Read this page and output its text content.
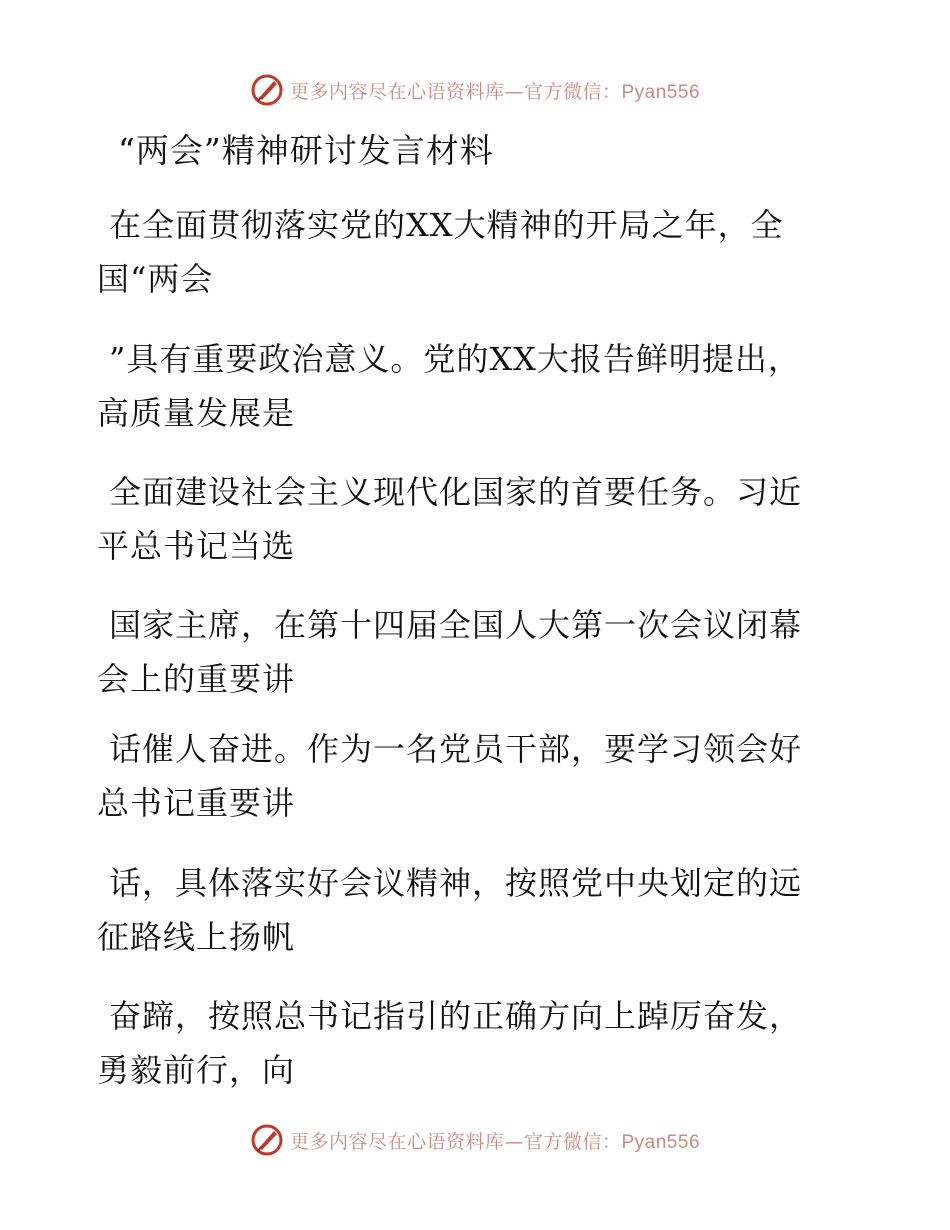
更多内容尽在心语资料库—官方微信：Pyan556
“两会”精神研讨发言材料

在全面贯彻落实党的XX大精神的开局之年，全
国“两会

”具有重要政治意义。党的XX大报告鲜明提出，
高质量发展是

全面建设社会主义现代化国家的首要任务。习近
平总书记当选

国家主席，在第十四届全国人大第一次会议闭幕
会上的重要讲

话催人奋进。作为一名党员干部，要学习领会好
总书记重要讲

话，具体落实好会议精神，按照党中央划定的远
征路线上扬帆

奋蹄，按照总书记指引的正确方向上踔厉奋发，
勇毅前行，向

更多内容尽在心语资料库—官方微信：Pyan556
